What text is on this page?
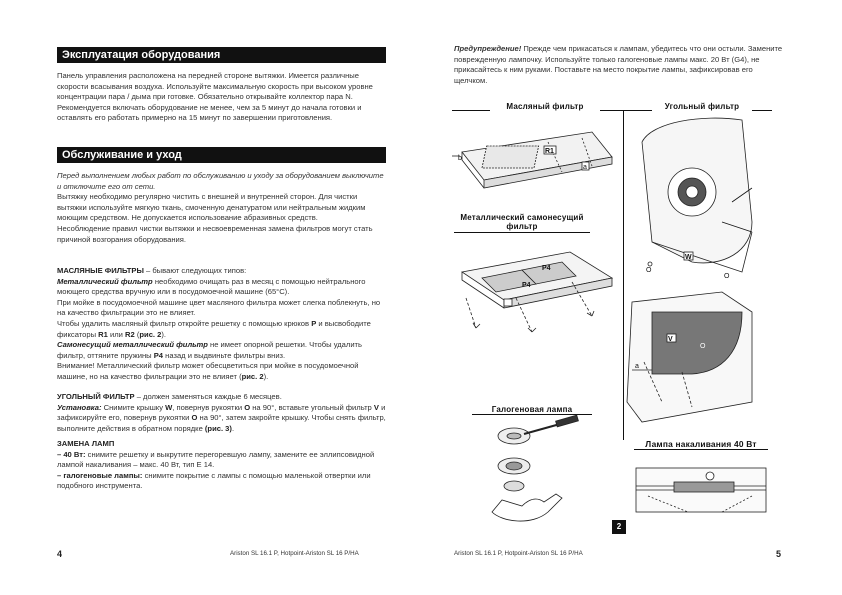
Эксплуатация оборудования
Панель управления расположена на передней стороне вытяжки. Имеется различные скорости всасывания воздуха. Используйте максимальную скорость при высоком уровне концентрации пара / дыма при готовке. Обязательно открывайте коллектор пара N. Рекомендуется включать оборудование не менее, чем за 5 минут до начала готовки и оставлять его работать примерно на 15 минут по завершении приготовления.
Обслуживание и уход
Перед выполнением любых работ по обслуживанию и уходу за оборудованием выключите и отключите его от сети.
Вытяжку необходимо регулярно чистить с внешней и внутренней сторон. Для чистки вытяжки используйте мягкую ткань, смоченную денатуратом или нейтральным жидким моющим средством. Не допускается использование абразивных средств.
Несоблюдение правил чистки вытяжки и несвоевременная замена фильтров могут стать причиной возгорания оборудования.
МАСЛЯНЫЕ ФИЛЬТРЫ – бывают следующих типов:
Металлический фильтр необходимо очищать раз в месяц с помощью нейтрального моющего средства вручную или в посудомоечной машине (65°С).
При мойке в посудомоечной машине цвет масляного фильтра может слегка поблекнуть, но на качество фильтрации это не влияет.
Чтобы удалить масляный фильтр откройте решетку с помощью крюков P и высвободите фиксаторы R1 или R2 (рис. 2).
Самонесущий металлический фильтр не имеет опорной решетки. Чтобы удалить фильтр, оттяните пружины P4 назад и выдвиньте фильтры вниз.
Внимание! Металлический фильтр может обесцветиться при мойке в посудомоечной машине, но на качество фильтрации это не влияет (рис. 2).
УГОЛЬНЫЙ ФИЛЬТР – должен заменяться каждые 6 месяцев.
Установка: Снимите крышку W, повернув рукоятки O на 90°, вставьте угольный фильтр V и зафиксируйте его, повернув рукоятки O на 90°, затем закройте крышку. Чтобы снять фильтр, выполните действия в обратном порядке (рис. 3).
ЗАМЕНА ЛАМП
– 40 Вт: снимите решетку и выкрутите перегоревшую лампу, замените ее эллипсовидной лампой накаливания – макс. 40 Вт, тип Е 14.
– галогеновые лампы: снимите покрытие с лампы с помощью маленькой отвертки или подобного инструмента.
4	Ariston SL 16.1 P, Hotpoint-Ariston SL 16 P/HA
Предупреждение! Прежде чем прикасаться к лампам, убедитесь что они остыли. Замените поврежденную лампочку. Используйте только галогеновые лампы макс. 20 Вт (G4), не прикасайтесь к ним руками. Поставьте на место покрытие лампы, зафиксировав его щелчком.
Ariston SL 16.1 P, Hotpoint-Ariston SL 16 P/HA	5
Масляный фильтр	Угольный фильтр
Металлический самонесущий фильтр
Галогеновая лампа
Лампа накаливания 40 Вт
R1
a
b
P4
P4
W
O
O
V
O
a
2
